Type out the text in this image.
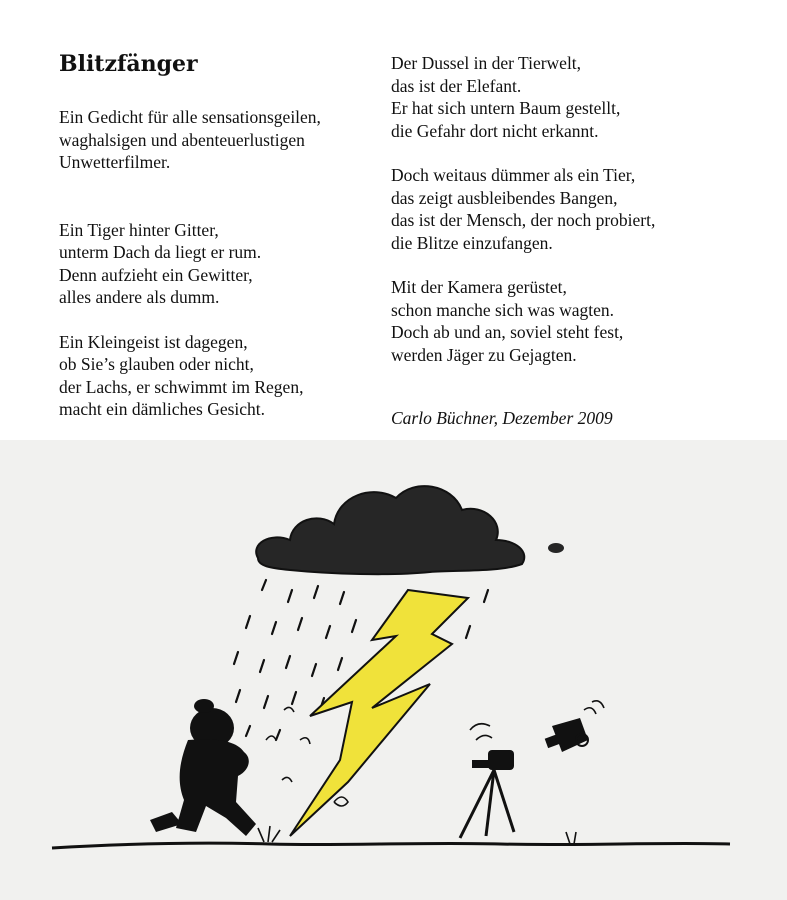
Blitzfänger

Ein Gedicht für alle sensationsgeilen,
waghalsigen und abenteuerlustigen
Unwetterfilmer.

Ein Tiger hinter Gitter,
unterm Dach da liegt er rum.
Denn aufzieht ein Gewitter,
alles andere als dumm.

Ein Kleingeist ist dagegen,
ob Sie’s glauben oder nicht,
der Lachs, er schwimmt im Regen,
macht ein dämliches Gesicht.

Der Dussel in der Tierwelt,
das ist der Elefant.
Er hat sich untern Baum gestellt,
die Gefahr dort nicht erkannt.

Doch weitaus dümmer als ein Tier,
das zeigt ausbleibendes Bangen,
das ist der Mensch, der noch probiert,
die Blitze einzufangen.

Mit der Kamera gerüstet,
schon manche sich was wagten.
Doch ab und an, soviel steht fest,
werden Jäger zu Gejagten.

Carlo Büchner, Dezember 2009
